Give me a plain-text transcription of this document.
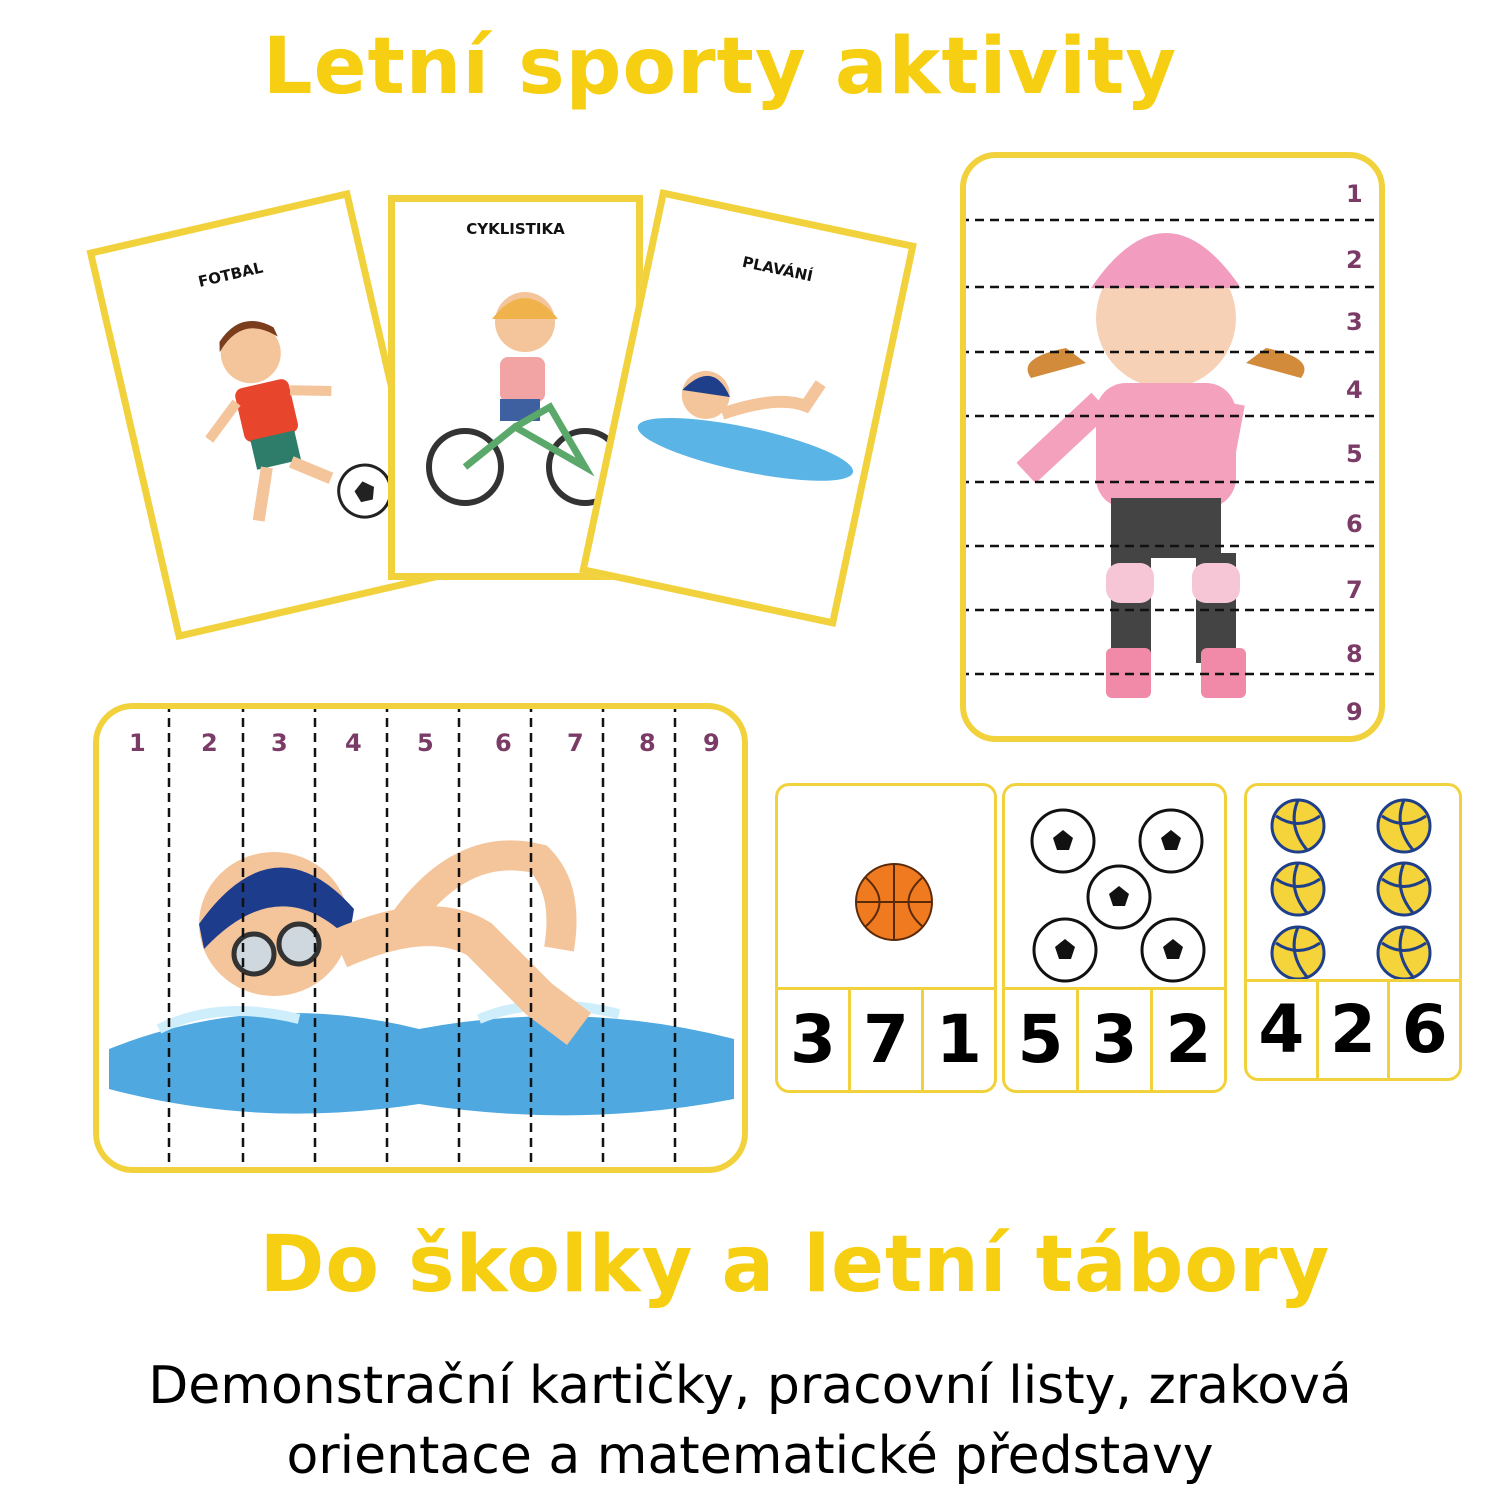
Letní sporty aktivity
FOTBAL
CYKLISTIKA
PLAVÁNÍ
1
2
3
4
5
6
7
8
9
1 2 3 4 5	6 7 8 9
3 7 1 5 3 2 4 2 6
Do školky a letní tábory
Demonstrační kartičky, pracovní listy, zraková
orientace a matematické představy
